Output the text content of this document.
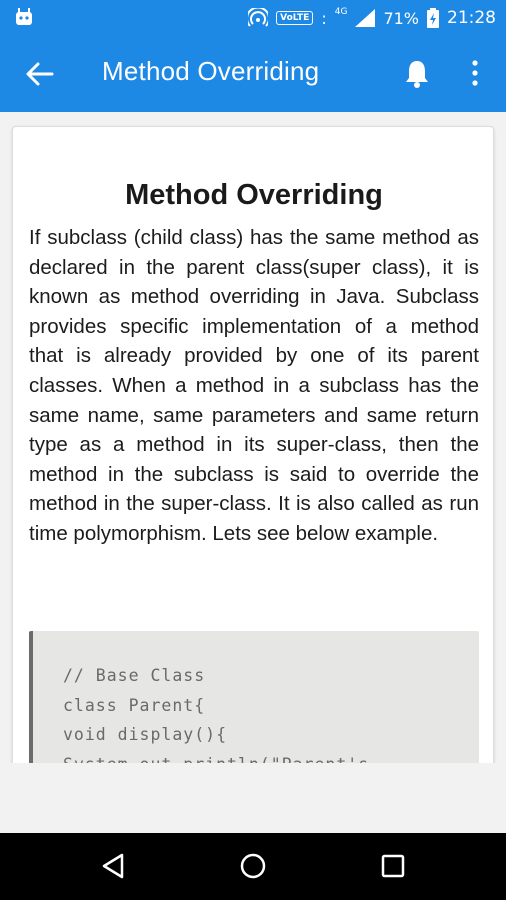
VoLTE : 4G 71% 21:28
Method Overriding
Method Overriding
If subclass (child class) has the same method as declared in the parent class(super class), it is known as method overriding in Java. Subclass provides specific implementation of a method that is already provided by one of its parent classes. When a method in a subclass has the same name, same parameters and same return type as a method in its super-class, then the method in the subclass is said to override the method in the super-class. It is also called as run time polymorphism. Lets see below example.
// Base Class
class Parent{
void display(){
